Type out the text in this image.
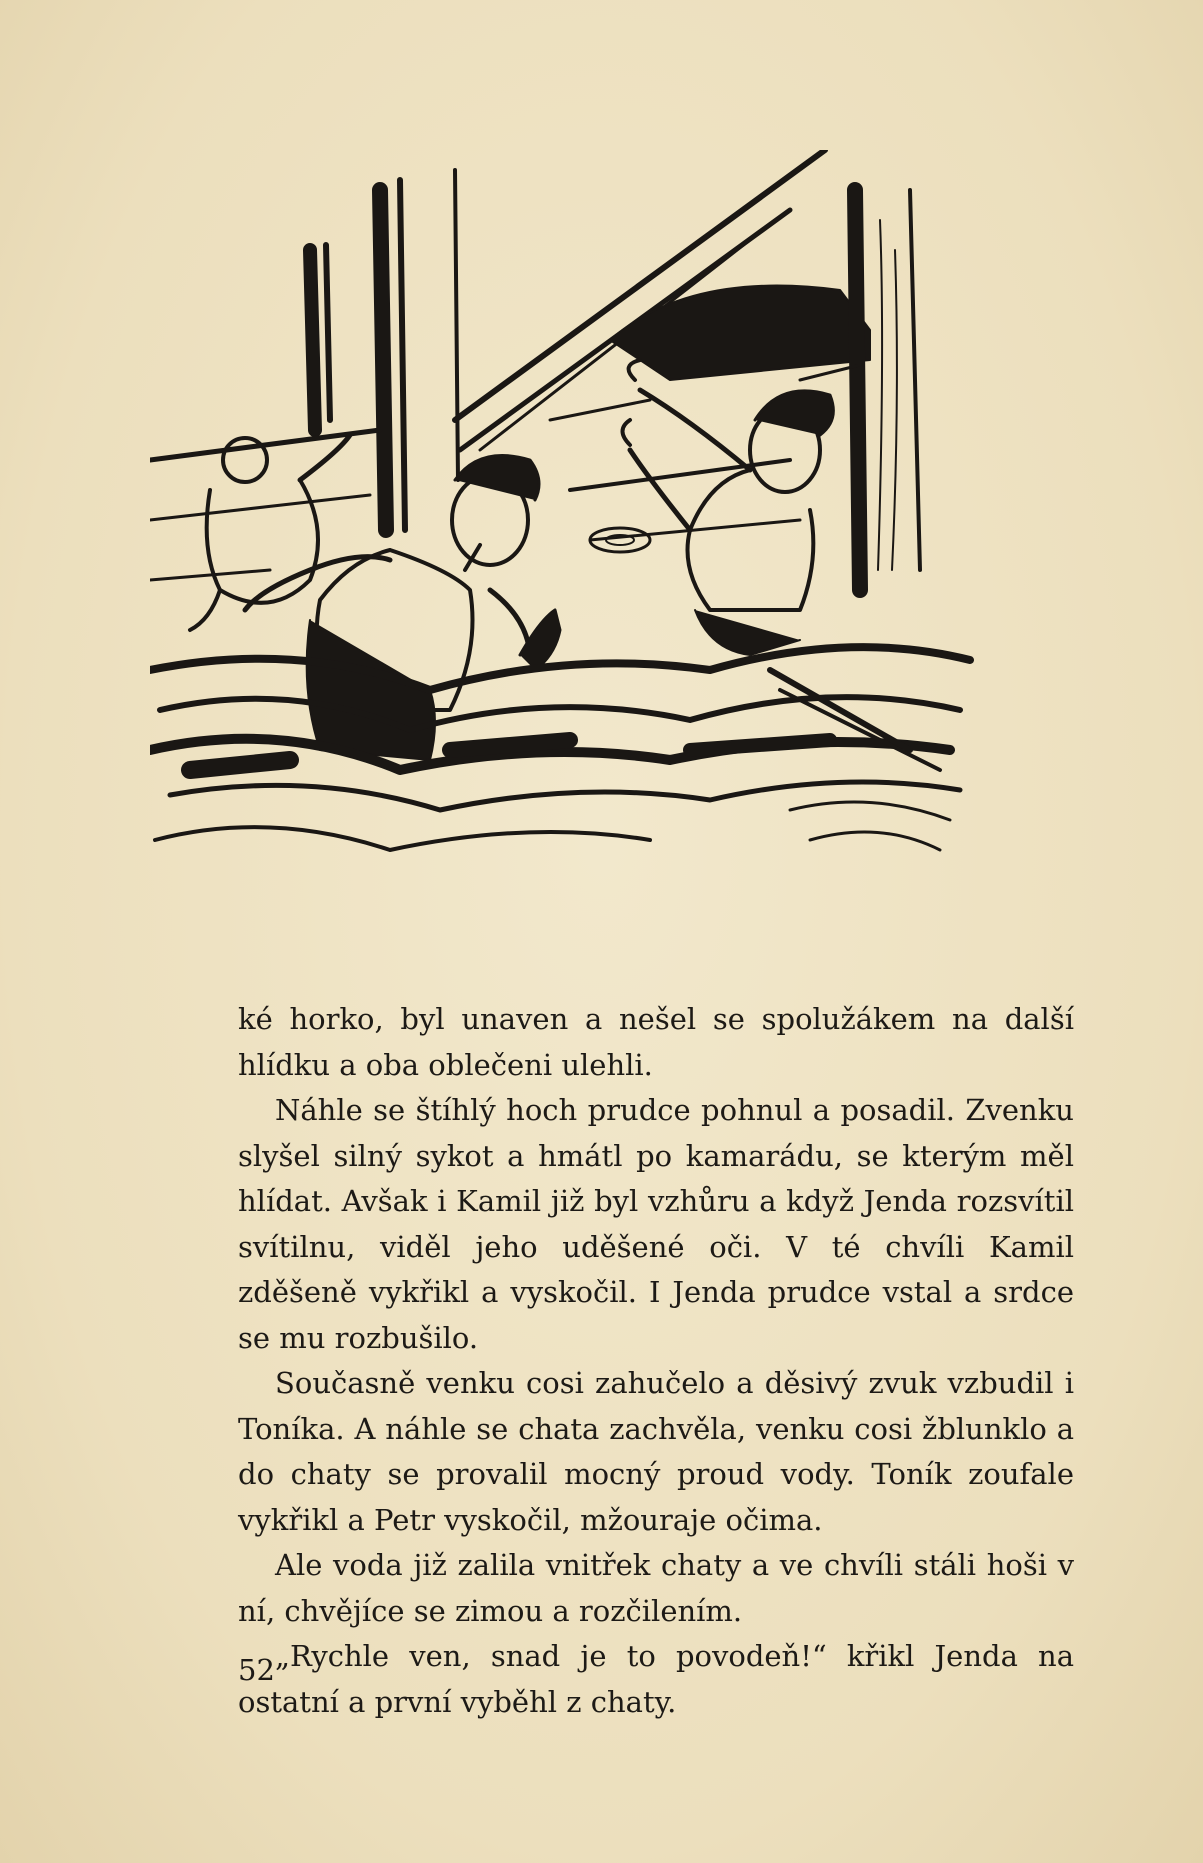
ké horko, byl unaven a nešel se spolužákem na další hlídku a oba oblečeni ulehli.

Náhle se štíhlý hoch prudce pohnul a posadil. Zvenku slyšel silný sykot a hmátl po kamarádu, se kterým měl hlídat. Avšak i Kamil již byl vzhůru a když Jenda rozsvítil svítilnu, viděl jeho uděšené oči. V té chvíli Kamil zděšeně vykřikl a vyskočil. I Jenda prudce vstal a srdce se mu rozbušilo.

Současně venku cosi zahučelo a děsivý zvuk vzbudil i Toníka. A náhle se chata zachvěla, venku cosi žblunklo a do chaty se provalil mocný proud vody. Toník zoufale vykřikl a Petr vyskočil, mžouraje očima.

Ale voda již zalila vnitřek chaty a ve chvíli stáli hoši v ní, chvějíce se zimou a rozčilením.

„Rychle ven, snad je to povodeň!“ křikl Jenda na ostatní a první vyběhl z chaty.

52
